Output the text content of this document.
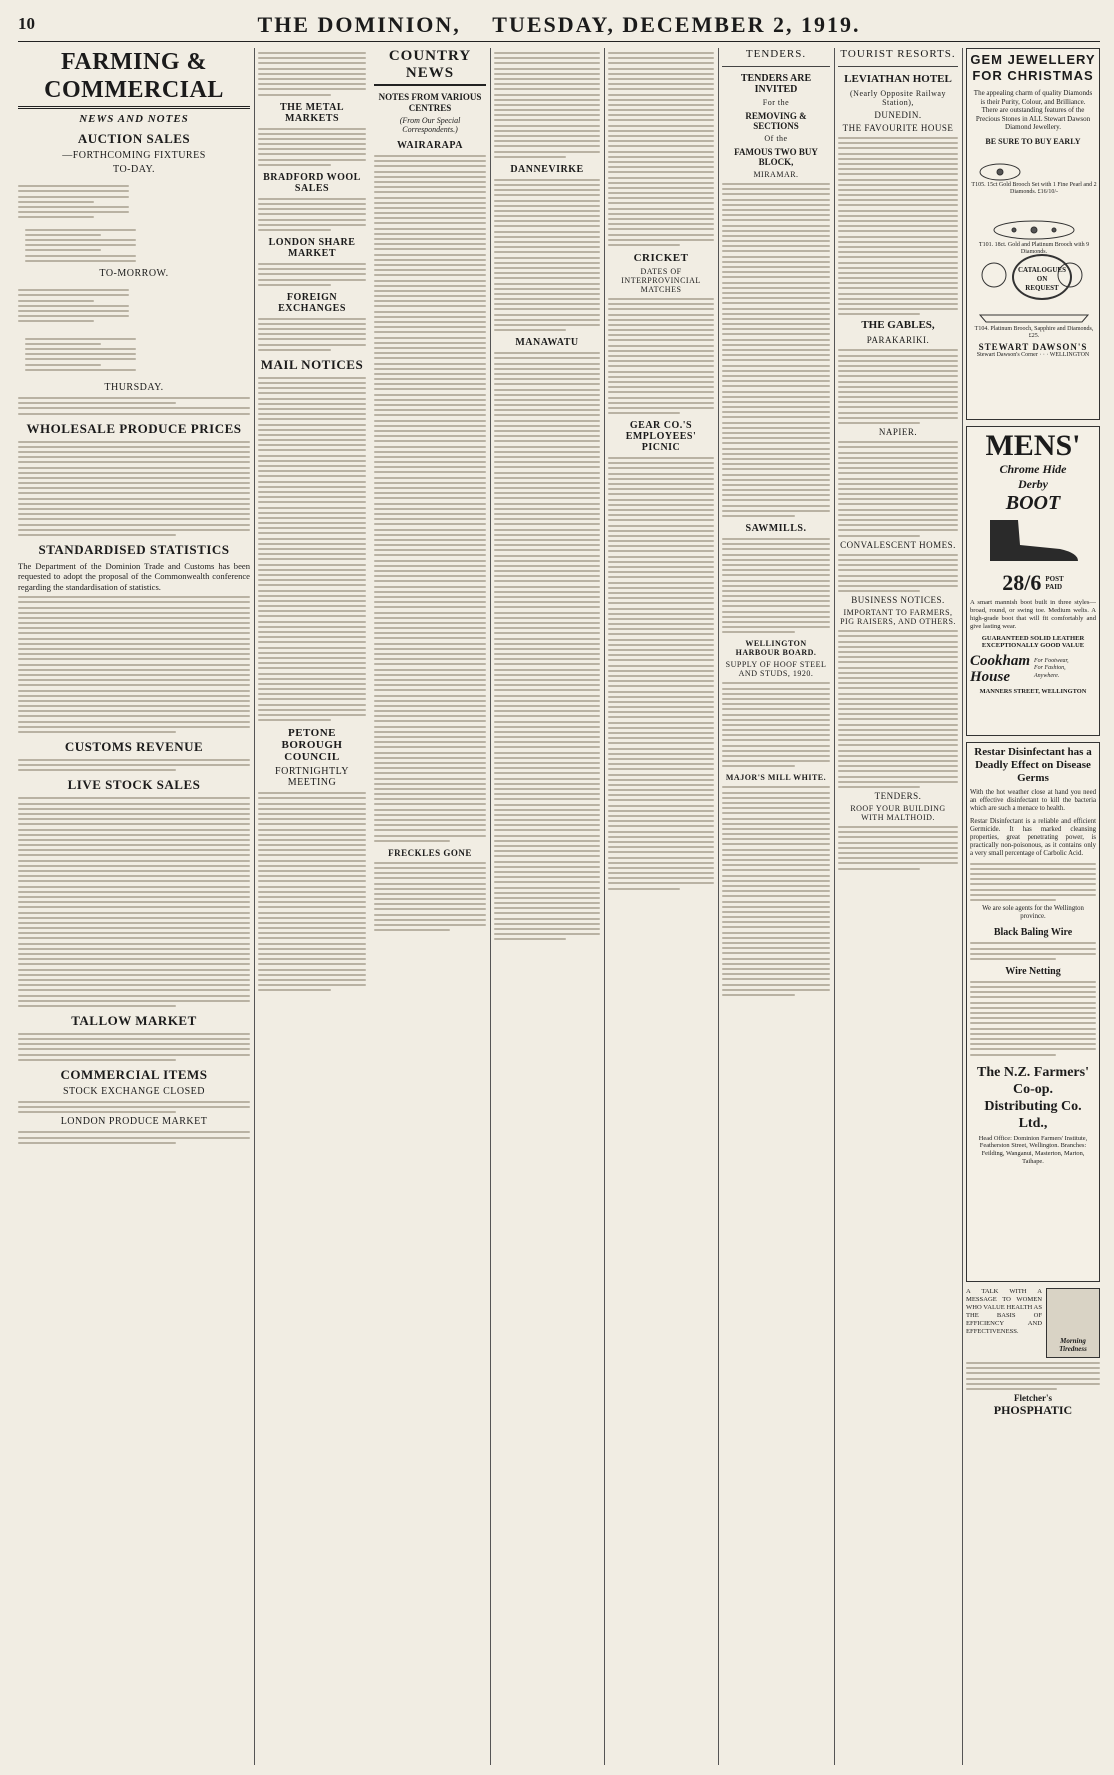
10	THE DOMINION, TUESDAY, DECEMBER 2, 1919.
FARMING & COMMERCIAL
NEWS AND NOTES
AUCTION SALES
—FORTHCOMING FIXTURES
TO-DAY.

TO-MORROW.

THURSDAY.
WHOLESALE PRODUCE PRICES
STANDARDISED STATISTICS
The Department of the Dominion Trade and Customs has been requested to adopt the proposal of the Commonwealth conference regarding the standardisation of statistics.
CUSTOMS REVENUE
LIVE STOCK SALES
TALLOW MARKET
COMMERCIAL ITEMS
STOCK EXCHANGE CLOSED
LONDON PRODUCE MARKET
THE METAL MARKETS
BRADFORD WOOL SALES
LONDON SHARE MARKET
FOREIGN EXCHANGES
MAIL NOTICES
PETONE BOROUGH COUNCIL
FORTNIGHTLY MEETING
COUNTRY NEWS
NOTES FROM VARIOUS CENTRES
(From Our Special Correspondents.)
WAIRARAPA
FRECKLES GONE
DANNEVIRKE
MANAWATU
CRICKET
DATES OF INTERPROVINCIAL MATCHES
GEAR CO.'S EMPLOYEES' PICNIC
TENDERS.
TENDERS ARE INVITED
For the
REMOVING & SECTIONS
Of the
FAMOUS TWO BUY BLOCK,
MIRAMAR.
SAWMILLS.
WELLINGTON HARBOUR BOARD.
SUPPLY OF HOOF STEEL AND STUDS, 1920.
MAJOR'S MILL WHITE.
TOURIST RESORTS.
LEVIATHAN HOTEL
(Nearly Opposite Railway Station),
DUNEDIN.
THE FAVOURITE HOUSE
THE GABLES,
PARAKARIKI.
NAPIER.
CONVALESCENT HOMES.
BUSINESS NOTICES.
IMPORTANT TO FARMERS, PIG RAISERS, AND OTHERS.
TENDERS.
ROOF YOUR BUILDING WITH MALTHOID.
GEM JEWELLERY
FOR CHRISTMAS
The appealing charm of quality Diamonds is their Purity, Colour, and Brilliance. There are outstanding features of the Precious Stones in ALL Stewart Dawson Diamond Jewellery.
BE SURE TO BUY EARLY
T105. 15ct Gold Brooch Set with 1 Fine Pearl and 2 Diamonds. £16/10/-
T101. 18ct. Gold and Platinum Brooch with 9 Diamonds.
CATALOGUES
ON
REQUEST
T104. Platinum Brooch, Sapphire and Diamonds, £25.
STEWART DAWSON'S
Stewart Dawson's Corner · · · WELLINGTON
MENS'
Chrome Hide
Derby
BOOT
28/6 POST
PAID
A smart mannish boot built in three styles—broad, round, or swing toe. Medium welts. A high-grade boot that will fit comfortably and give lasting wear.
GUARANTEED SOLID LEATHER
EXCEPTIONALLY GOOD VALUE
Cookham
House
For Footwear,
For Fashion,
Anywhere.
MANNERS STREET, WELLINGTON
Restar Disinfectant has a
Deadly Effect on Disease Germs
With the hot weather close at hand you need an effective disinfectant to kill the bacteria which are such a menace to health.
Restar Disinfectant is a reliable and efficient Germicide. It has marked cleansing properties, great penetrating power, is practically non-poisonous, as it contains only a very small percentage of Carbolic Acid.
We are sole agents for the Wellington province.
Black Baling Wire
Wire Netting
The N.Z. Farmers' Co-op.
Distributing Co. Ltd.,
Head Office: Dominion Farmers' Institute, Featherston Street, Wellington. Branches: Feilding, Wanganui, Masterton, Marton, Taihape.
Morning Tiredness
A TALK WITH A MESSAGE TO WOMEN WHO VALUE HEALTH AS THE BASIS OF EFFICIENCY AND EFFECTIVENESS.
Fletcher's
PHOSPHATIC
